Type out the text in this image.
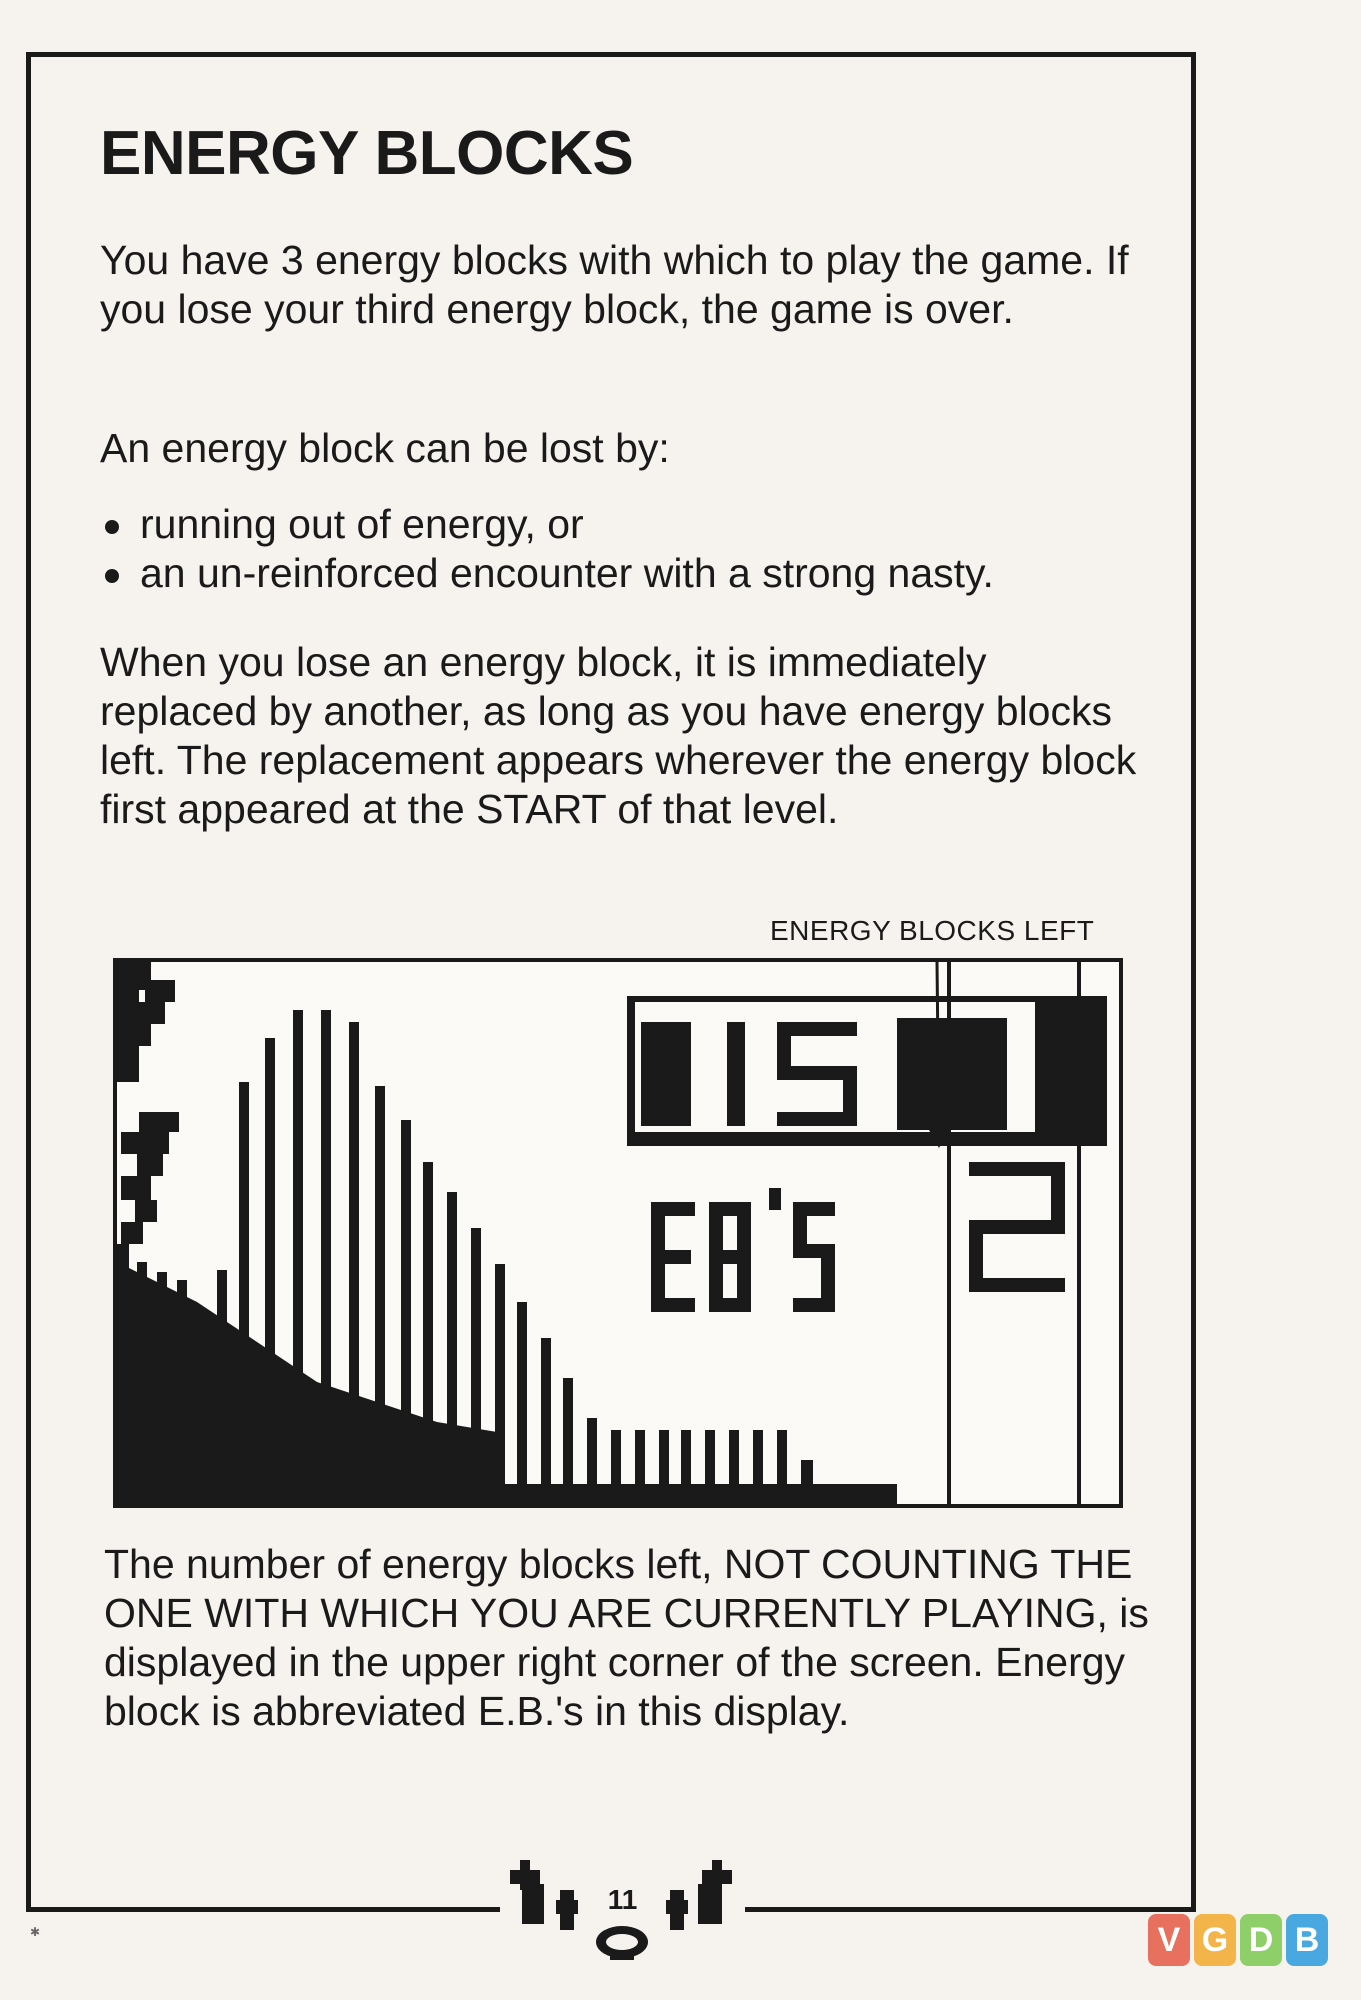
ENERGY BLOCKS

You have 3 energy blocks with which to play the game. If you lose your third energy block, the game is over.

An energy block can be lost by:

running out of energy, or
an un-reinforced encounter with a strong nasty.

When you lose an energy block, it is immediately replaced by another, as long as you have energy blocks left. The replacement appears wherever the energy block first appeared at the START of that level.

ENERGY BLOCKS LEFT

The number of energy blocks left, NOT COUNTING THE ONE WITH WHICH YOU ARE CURRENTLY PLAYING, is displayed in the upper right corner of the screen. Energy block is abbreviated E.B.'s in this display.

11
✱	V G D B
